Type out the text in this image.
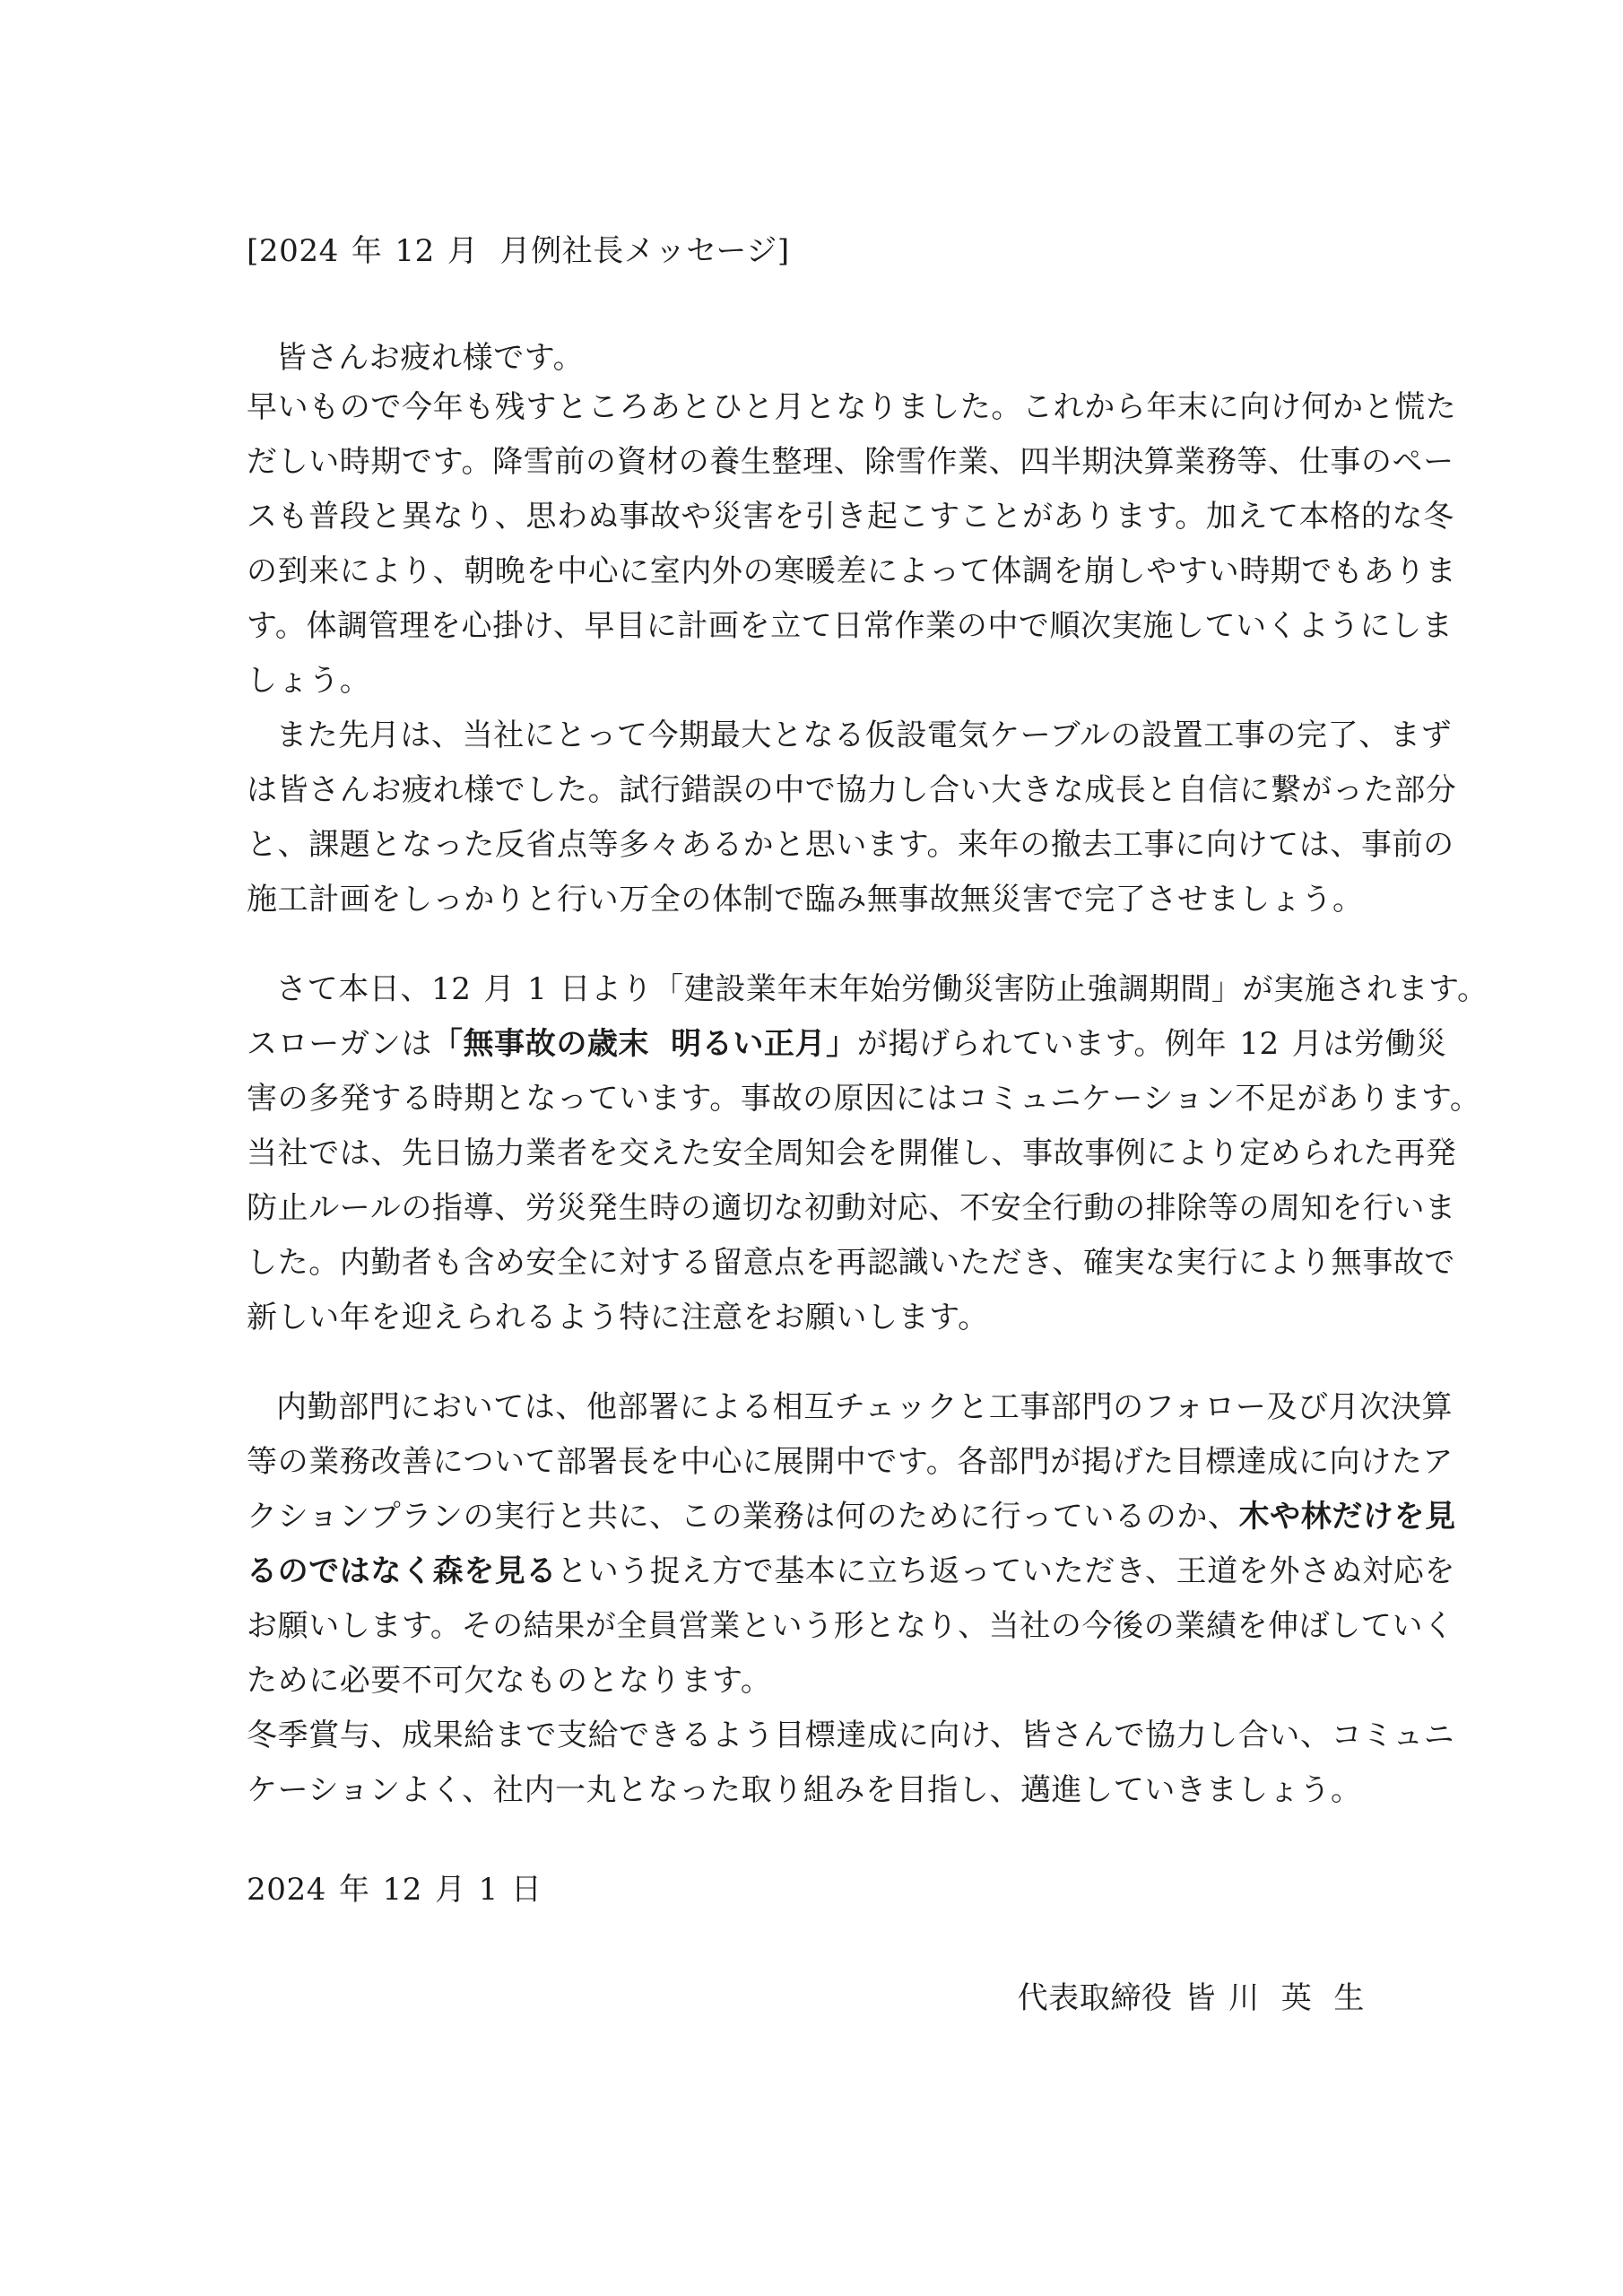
[2024 年 12 月 月例社長メッセージ]
皆さんお疲れ様です。
早いもので今年も残すところあとひと月となりました。これから年末に向け何かと慌た
だしい時期です。降雪前の資材の養生整理、除雪作業、四半期決算業務等、仕事のペー
スも普段と異なり、思わぬ事故や災害を引き起こすことがあります。加えて本格的な冬
の到来により、朝晩を中心に室内外の寒暖差によって体調を崩しやすい時期でもありま
す。体調管理を心掛け、早目に計画を立て日常作業の中で順次実施していくようにしま
しょう。
また先月は、当社にとって今期最大となる仮設電気ケーブルの設置工事の完了、まず
は皆さんお疲れ様でした。試行錯誤の中で協力し合い大きな成長と自信に繋がった部分
と、課題となった反省点等多々あるかと思います。来年の撤去工事に向けては、事前の
施工計画をしっかりと行い万全の体制で臨み無事故無災害で完了させましょう。
さて本日、12 月 1 日より「建設業年末年始労働災害防止強調期間」が実施されます。
スローガンは「無事故の歳末 明るい正月」が掲げられています。例年 12 月は労働災
害の多発する時期となっています。事故の原因にはコミュニケーション不足があります。
当社では、先日協力業者を交えた安全周知会を開催し、事故事例により定められた再発
防止ルールの指導、労災発生時の適切な初動対応、不安全行動の排除等の周知を行いま
した。内勤者も含め安全に対する留意点を再認識いただき、確実な実行により無事故で
新しい年を迎えられるよう特に注意をお願いします。
内勤部門においては、他部署による相互チェックと工事部門のフォロー及び月次決算
等の業務改善について部署長を中心に展開中です。各部門が掲げた目標達成に向けたア
クションプランの実行と共に、この業務は何のために行っているのか、木や林だけを見
るのではなく森を見るという捉え方で基本に立ち返っていただき、王道を外さぬ対応を
お願いします。その結果が全員営業という形となり、当社の今後の業績を伸ばしていく
ために必要不可欠なものとなります。
冬季賞与、成果給まで支給できるよう目標達成に向け、皆さんで協力し合い、コミュニ
ケーションよく、社内一丸となった取り組みを目指し、邁進していきましょう。
2024 年 12 月 1 日
代表取締役 皆 川 英 生
